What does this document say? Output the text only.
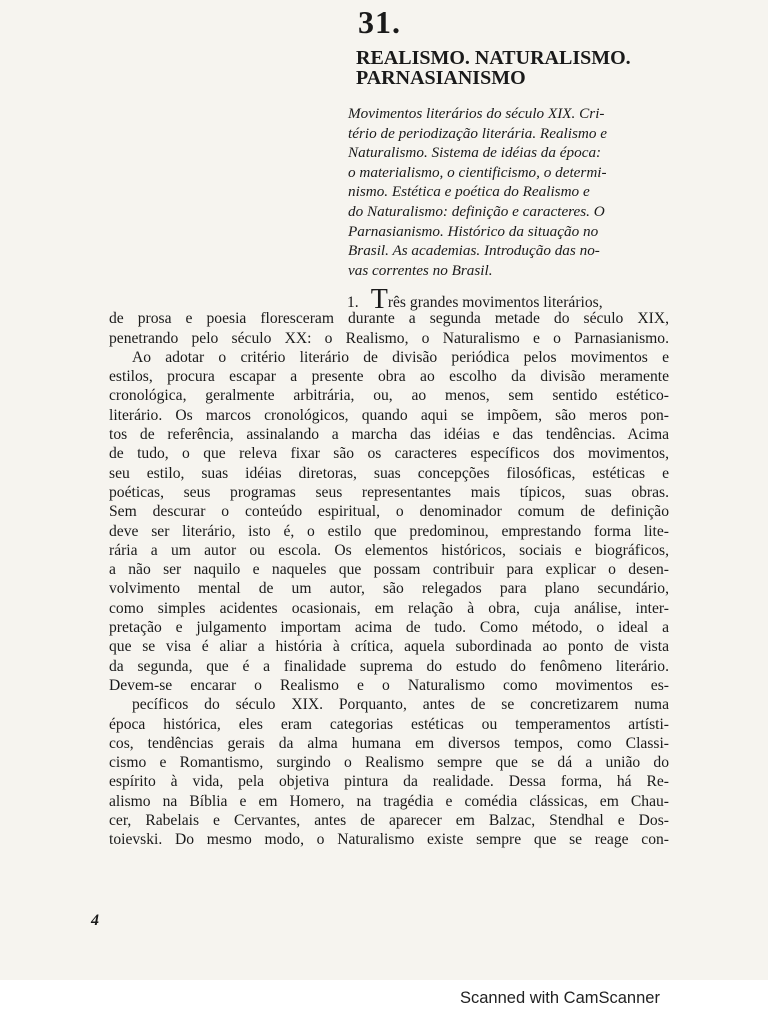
31.
REALISMO. NATURALISMO.
PARNASIANISMO
Movimentos literários do século XIX. Cri-
tério de periodização literária. Realismo e
Naturalismo. Sistema de idéias da época:
o materialismo, o cientificismo, o determi-
nismo. Estética e poética do Realismo e
do Naturalismo: definição e caracteres. O
Parnasianismo. Histórico da situação no
Brasil. As academias. Introdução das no-
vas correntes no Brasil.
1. Três grandes movimentos literários,
de prosa e poesia floresceram durante a segunda metade do século XIX,
penetrando pelo século XX: o Realismo, o Naturalismo e o Parnasianismo.
Ao adotar o critério literário de divisão periódica pelos movimentos e
estilos, procura escapar a presente obra ao escolho da divisão meramente
cronológica, geralmente arbitrária, ou, ao menos, sem sentido estético-
literário. Os marcos cronológicos, quando aqui se impõem, são meros pon-
tos de referência, assinalando a marcha das idéias e das tendências. Acima
de tudo, o que releva fixar são os caracteres específicos dos movimentos,
seu estilo, suas idéias diretoras, suas concepções filosóficas, estéticas e
poéticas, seus programas seus representantes mais típicos, suas obras.
Sem descurar o conteúdo espiritual, o denominador comum de definição
deve ser literário, isto é, o estilo que predominou, emprestando forma lite-
rária a um autor ou escola. Os elementos históricos, sociais e biográficos,
a não ser naquilo e naqueles que possam contribuir para explicar o desen-
volvimento mental de um autor, são relegados para plano secundário,
como simples acidentes ocasionais, em relação à obra, cuja análise, inter-
pretação e julgamento importam acima de tudo. Como método, o ideal a
que se visa é aliar a história à crítica, aquela subordinada ao ponto de vista
da segunda, que é a finalidade suprema do estudo do fenômeno literário.
Devem-se encarar o Realismo e o Naturalismo como movimentos es-
pecíficos do século XIX. Porquanto, antes de se concretizarem numa
época histórica, eles eram categorias estéticas ou temperamentos artísti-
cos, tendências gerais da alma humana em diversos tempos, como Classi-
cismo e Romantismo, surgindo o Realismo sempre que se dá a união do
espírito à vida, pela objetiva pintura da realidade. Dessa forma, há Re-
alismo na Bíblia e em Homero, na tragédia e comédia clássicas, em Chau-
cer, Rabelais e Cervantes, antes de aparecer em Balzac, Stendhal e Dos-
toievski. Do mesmo modo, o Naturalismo existe sempre que se reage con-
4
Scanned with CamScanner
